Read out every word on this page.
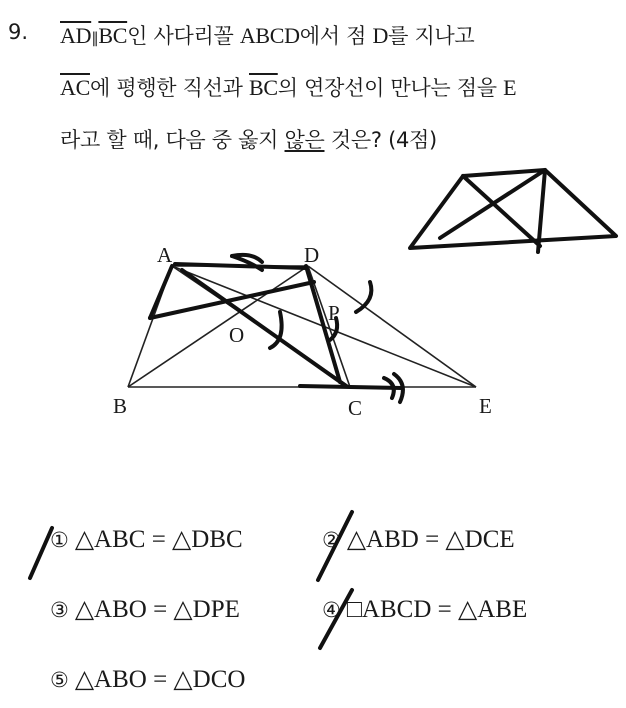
9. $\overline{AD}\parallel\overline{BC}$인 사다리꼴 ABCD에서 점 D를 지나고
$\overline{AC}$에 평행한 직선과 $\overline{BC}$의 연장선이 만나는 점을 E
라고 할 때, 다음 중 옳지 않은 것은? (4점)
A	D
P
O
B	C	E
① △ABC = △DBC	② △ABD = △DCE
③ △ABO = △DPE	④ □ABCD = △ABE
⑤ △ABO = △DCO
